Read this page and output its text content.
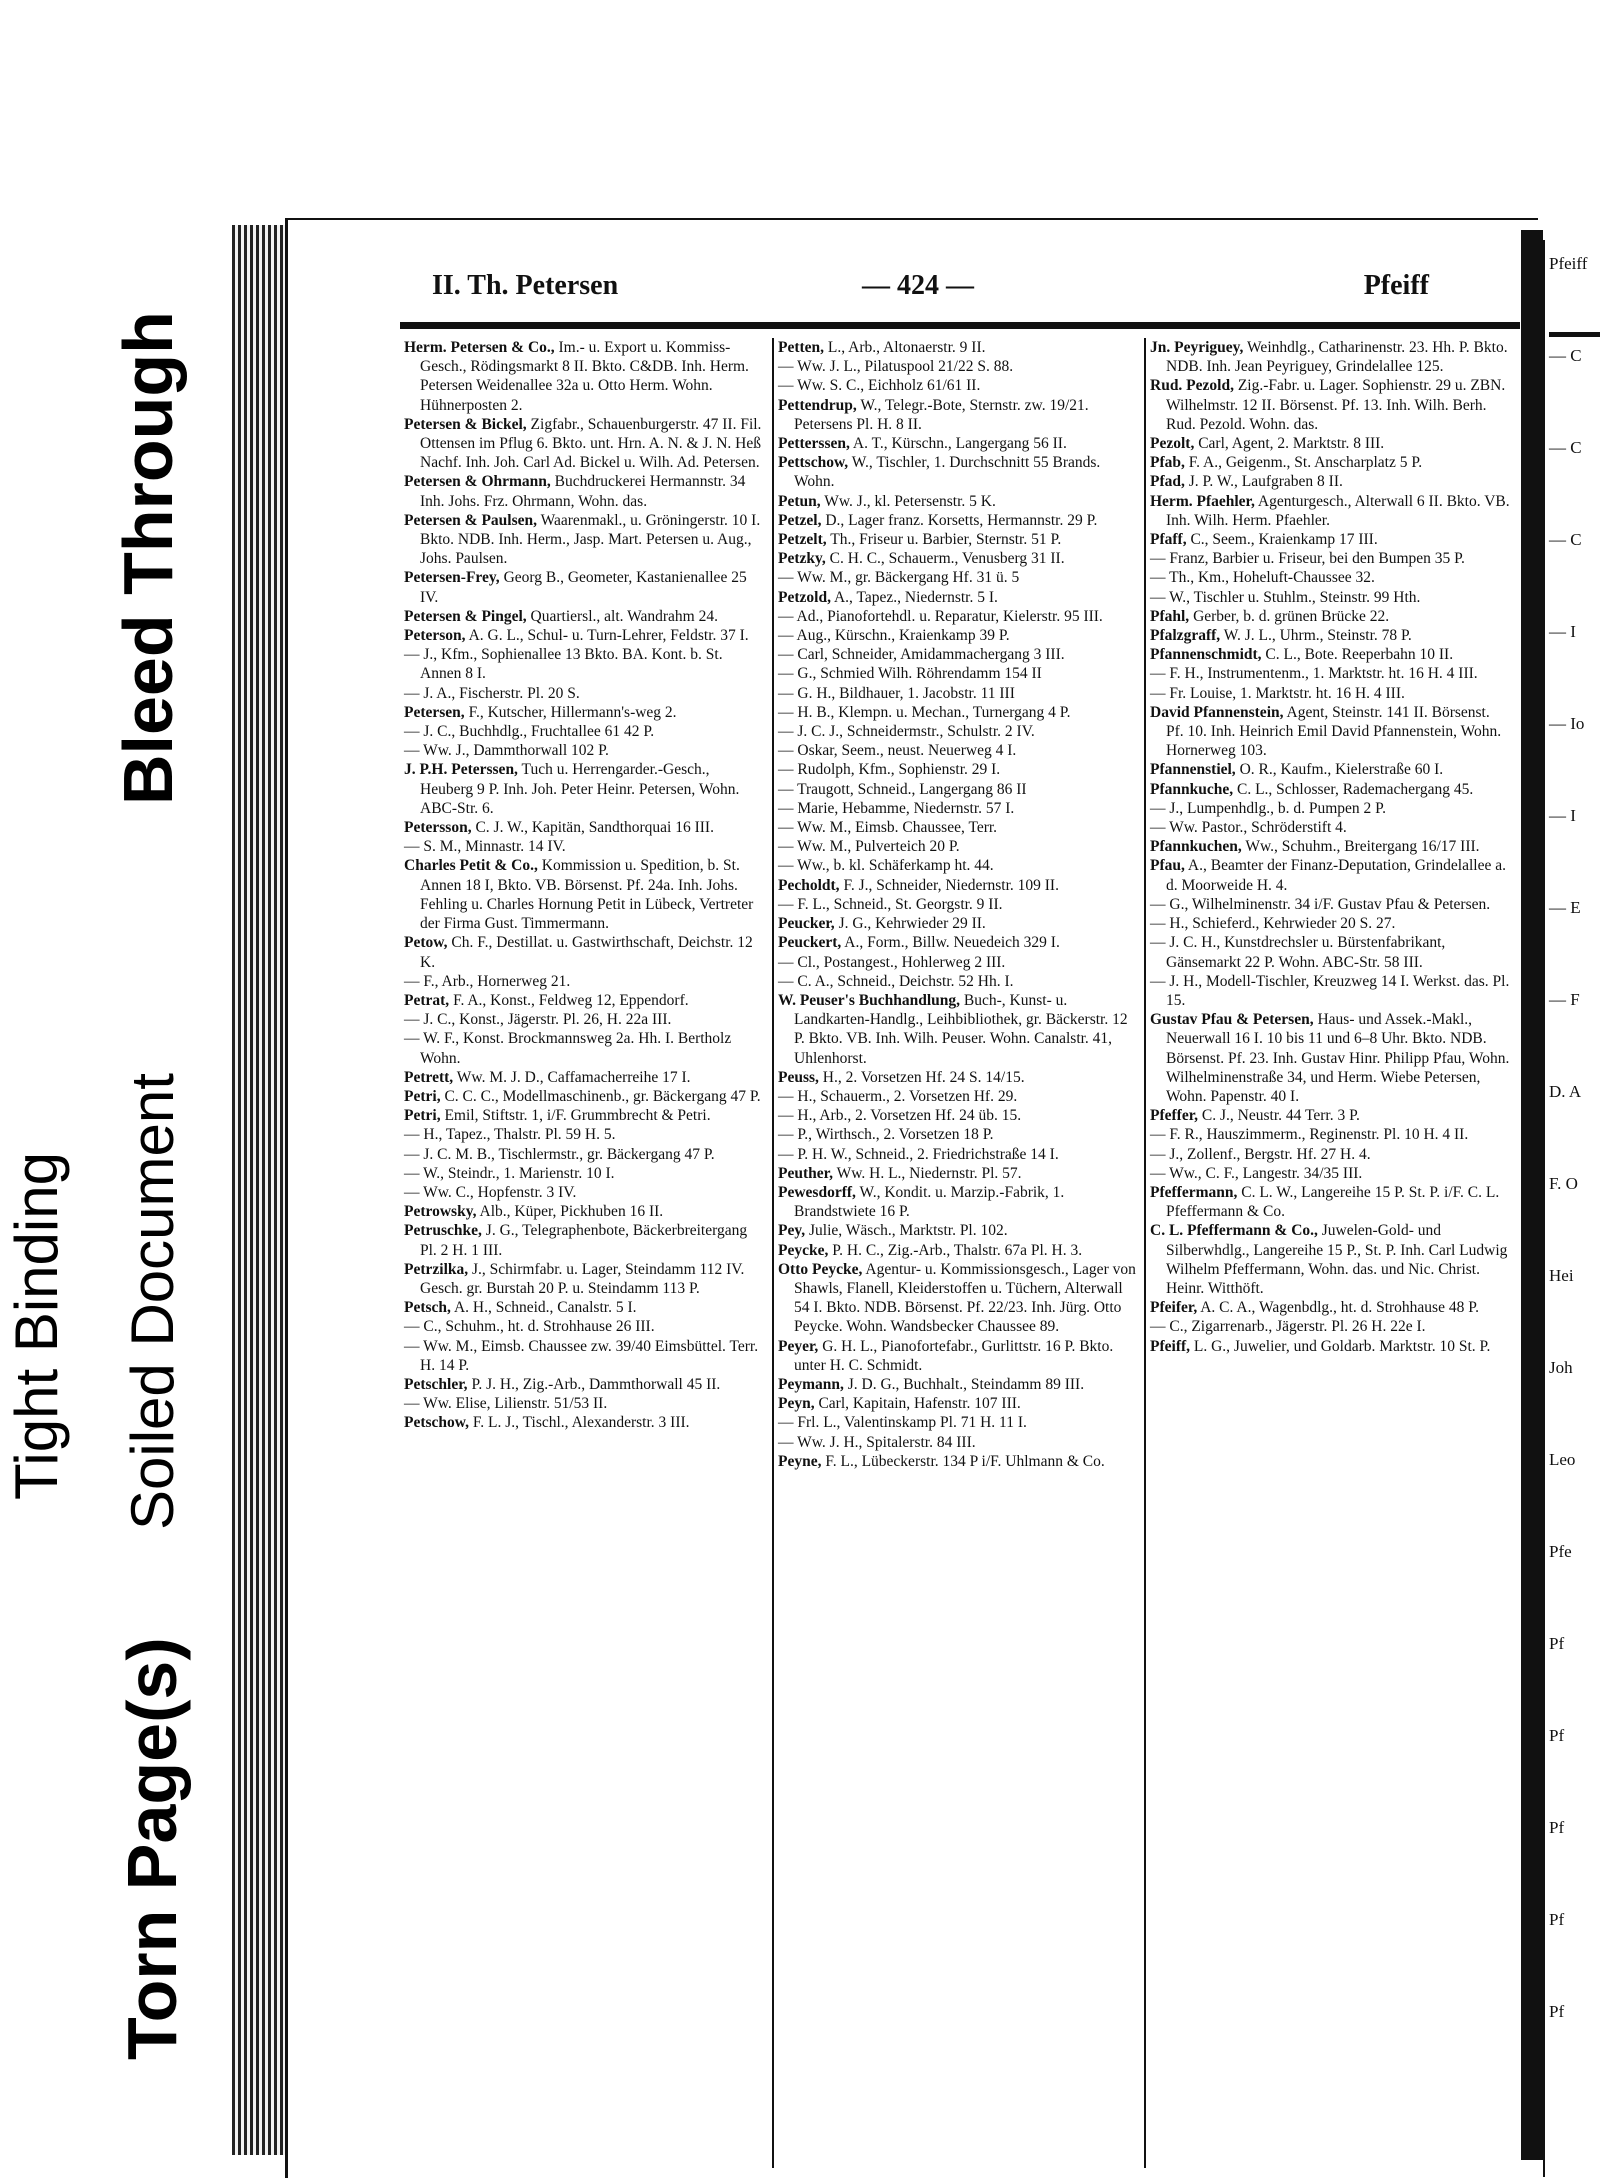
Tight Binding Soiled Document
Torn Page(s)
Bleed Through
II. Th. Petersen	— 424 —	Pfeiff

Herm. Petersen & Co., Im.- u. Export u. Kommiss-Gesch., Rödingsmarkt 8 II. Bkto. C&DB. Inh. Herm. Petersen Weidenallee 32a u. Otto Herm. Wohn. Hühnerposten 2.

Petersen & Bickel, Zigfabr., Schauenburgerstr. 47 II. Fil. Ottensen im Pflug 6. Bkto. unt. Hrn. A. N. & J. N. Heß Nachf. Inh. Joh. Carl Ad. Bickel u. Wilh. Ad. Petersen.

Petersen & Ohrmann, Buchdruckerei Hermannstr. 34 Inh. Johs. Frz. Ohrmann, Wohn. das.

Petersen & Paulsen, Waarenmakl., u. Gröningerstr. 10 I. Bkto. NDB. Inh. Herm., Jasp. Mart. Petersen u. Aug., Johs. Paulsen.

Petersen-Frey, Georg B., Geometer, Kastanienallee 25 IV.

Petersen & Pingel, Quartiersl., alt. Wandrahm 24.

Peterson, A. G. L., Schul- u. Turn-Lehrer, Feldstr. 37 I.

— J., Kfm., Sophienallee 13 Bkto. BA. Kont. b. St. Annen 8 I.

— J. A., Fischerstr. Pl. 20 S.

Petersen, F., Kutscher, Hillermann's-weg 2.

— J. C., Buchhdlg., Fruchtallee 61 42 P.

— Ww. J., Dammthorwall 102 P.

J. P.H. Peterssen, Tuch u. Herrengarder.-Gesch., Heuberg 9 P. Inh. Joh. Peter Heinr. Petersen, Wohn. ABC-Str. 6.

Petersson, C. J. W., Kapitän, Sandthorquai 16 III.

— S. M., Minnastr. 14 IV.

Charles Petit & Co., Kommission u. Spedition, b. St. Annen 18 I, Bkto. VB. Börsenst. Pf. 24a. Inh. Johs. Fehling u. Charles Hornung Petit in Lübeck, Vertreter der Firma Gust. Timmermann.

Petow, Ch. F., Destillat. u. Gastwirthschaft, Deichstr. 12 K.

— F., Arb., Hornerweg 21.

Petrat, F. A., Konst., Feldweg 12, Eppendorf.

— J. C., Konst., Jägerstr. Pl. 26, H. 22a III.

— W. F., Konst. Brockmannsweg 2a. Hh. I. Bertholz Wohn.

Petrett, Ww. M. J. D., Caffamacherreihe 17 I.

Petri, C. C. C., Modellmaschinenb., gr. Bäckergang 47 P.

Petri, Emil, Stiftstr. 1, i/F. Grummbrecht & Petri.

— H., Tapez., Thalstr. Pl. 59 H. 5.

— J. C. M. B., Tischlermstr., gr. Bäckergang 47 P.

— W., Steindr., 1. Marienstr. 10 I.

— Ww. C., Hopfenstr. 3 IV.

Petrowsky, Alb., Küper, Pickhuben 16 II.

Petruschke, J. G., Telegraphenbote, Bäckerbreitergang Pl. 2 H. 1 III.

Petrzilka, J., Schirmfabr. u. Lager, Steindamm 112 IV. Gesch. gr. Burstah 20 P. u. Steindamm 113 P.

Petsch, A. H., Schneid., Canalstr. 5 I.

— C., Schuhm., ht. d. Strohhause 26 III.

— Ww. M., Eimsb. Chaussee zw. 39/40 Eimsbüttel. Terr. H. 14 P.

Petschler, P. J. H., Zig.-Arb., Dammthorwall 45 II.

— Ww. Elise, Lilienstr. 51/53 II.

Petschow, F. L. J., Tischl., Alexanderstr. 3 III.

Petten, L., Arb., Altonaerstr. 9 II.

— Ww. J. L., Pilatuspool 21/22 S. 88.

— Ww. S. C., Eichholz 61/61 II.

Pettendrup, W., Telegr.-Bote, Sternstr. zw. 19/21. Petersens Pl. H. 8 II.

Petterssen, A. T., Kürschn., Langergang 56 II.

Pettschow, W., Tischler, 1. Durchschnitt 55 Brands. Wohn.

Petun, Ww. J., kl. Petersenstr. 5 K.

Petzel, D., Lager franz. Korsetts, Hermannstr. 29 P.

Petzelt, Th., Friseur u. Barbier, Sternstr. 51 P.

Petzky, C. H. C., Schauerm., Venusberg 31 II.

— Ww. M., gr. Bäckergang Hf. 31 ü. 5

Petzold, A., Tapez., Niedernstr. 5 I.

— Ad., Pianofortehdl. u. Reparatur, Kielerstr. 95 III.

— Aug., Kürschn., Kraienkamp 39 P.

— Carl, Schneider, Amidammachergang 3 III.

— G., Schmied Wilh. Röhrendamm 154 II

— G. H., Bildhauer, 1. Jacobstr. 11 III

— H. B., Klempn. u. Mechan., Turnergang 4 P.

— J. C. J., Schneidermstr., Schulstr. 2 IV.

— Oskar, Seem., neust. Neuerweg 4 I.

— Rudolph, Kfm., Sophienstr. 29 I.

— Traugott, Schneid., Langergang 86 II

— Marie, Hebamme, Niedernstr. 57 I.

— Ww. M., Eimsb. Chaussee, Terr.

— Ww. M., Pulverteich 20 P.

— Ww., b. kl. Schäferkamp ht. 44.

Pecholdt, F. J., Schneider, Niedernstr. 109 II.

— F. L., Schneid., St. Georgstr. 9 II.

Peucker, J. G., Kehrwieder 29 II.

Peuckert, A., Form., Billw. Neuedeich 329 I.

— Cl., Postangest., Hohlerweg 2 III.

— C. A., Schneid., Deichstr. 52 Hh. I.

W. Peuser's Buchhandlung, Buch-, Kunst- u. Landkarten-Handlg., Leihbibliothek, gr. Bäckerstr. 12 P. Bkto. VB. Inh. Wilh. Peuser. Wohn. Canalstr. 41, Uhlenhorst.

Peuss, H., 2. Vorsetzen Hf. 24 S. 14/15.

— H., Schauerm., 2. Vorsetzen Hf. 29.

— H., Arb., 2. Vorsetzen Hf. 24 üb. 15.

— P., Wirthsch., 2. Vorsetzen 18 P.

— P. H. W., Schneid., 2. Friedrichstraße 14 I.

Peuther, Ww. H. L., Niedernstr. Pl. 57.

Pewesdorff, W., Kondit. u. Marzip.-Fabrik, 1. Brandstwiete 16 P.

Pey, Julie, Wäsch., Marktstr. Pl. 102.

Peycke, P. H. C., Zig.-Arb., Thalstr. 67a Pl. H. 3.

Otto Peycke, Agentur- u. Kommissionsgesch., Lager von Shawls, Flanell, Kleiderstoffen u. Tüchern, Alterwall 54 I. Bkto. NDB. Börsenst. Pf. 22/23. Inh. Jürg. Otto Peycke. Wohn. Wandsbecker Chaussee 89.

Peyer, G. H. L., Pianofortefabr., Gurlittstr. 16 P. Bkto. unter H. C. Schmidt.

Peymann, J. D. G., Buchhalt., Steindamm 89 III.

Peyn, Carl, Kapitain, Hafenstr. 107 III.

— Frl. L., Valentinskamp Pl. 71 H. 11 I.

— Ww. J. H., Spitalerstr. 84 III.

Peyne, F. L., Lübeckerstr. 134 P i/F. Uhlmann & Co.

Jn. Peyriguey, Weinhdlg., Catharinenstr. 23. Hh. P. Bkto. NDB. Inh. Jean Peyriguey, Grindelallee 125.

Rud. Pezold, Zig.-Fabr. u. Lager. Sophienstr. 29 u. ZBN. Wilhelmstr. 12 II. Börsenst. Pf. 13. Inh. Wilh. Berh. Rud. Pezold. Wohn. das.

Pezolt, Carl, Agent, 2. Marktstr. 8 III.

Pfab, F. A., Geigenm., St. Anscharplatz 5 P.

Pfad, J. P. W., Laufgraben 8 II.

Herm. Pfaehler, Agenturgesch., Alterwall 6 II. Bkto. VB. Inh. Wilh. Herm. Pfaehler.

Pfaff, C., Seem., Kraienkamp 17 III.

— Franz, Barbier u. Friseur, bei den Bumpen 35 P.

— Th., Km., Hoheluft-Chaussee 32.

— W., Tischler u. Stuhlm., Steinstr. 99 Hth.

Pfahl, Gerber, b. d. grünen Brücke 22.

Pfalzgraff, W. J. L., Uhrm., Steinstr. 78 P.

Pfannenschmidt, C. L., Bote. Reeperbahn 10 II.

— F. H., Instrumentenm., 1. Marktstr. ht. 16 H. 4 III.

— Fr. Louise, 1. Marktstr. ht. 16 H. 4 III.

David Pfannenstein, Agent, Steinstr. 141 II. Börsenst. Pf. 10. Inh. Heinrich Emil David Pfannenstein, Wohn. Hornerweg 103.

Pfannenstiel, O. R., Kaufm., Kielerstraße 60 I.

Pfannkuche, C. L., Schlosser, Rademachergang 45.

— J., Lumpenhdlg., b. d. Pumpen 2 P.

— Ww. Pastor., Schröderstift 4.

Pfannkuchen, Ww., Schuhm., Breitergang 16/17 III.

Pfau, A., Beamter der Finanz-Deputation, Grindelallee a. d. Moorweide H. 4.

— G., Wilhelminenstr. 34 i/F. Gustav Pfau & Petersen.

— H., Schieferd., Kehrwieder 20 S. 27.

— J. C. H., Kunstdrechsler u. Bürstenfabrikant, Gänsemarkt 22 P. Wohn. ABC-Str. 58 III.

— J. H., Modell-Tischler, Kreuzweg 14 I. Werkst. das. Pl. 15.

Gustav Pfau & Petersen, Haus- und Assek.-Makl., Neuerwall 16 I. 10 bis 11 und 6–8 Uhr. Bkto. NDB. Börsenst. Pf. 23. Inh. Gustav Hinr. Philipp Pfau, Wohn. Wilhelminenstraße 34, und Herm. Wiebe Petersen, Wohn. Papenstr. 40 I.

Pfeffer, C. J., Neustr. 44 Terr. 3 P.

— F. R., Hauszimmerm., Reginenstr. Pl. 10 H. 4 II.

— J., Zollenf., Bergstr. Hf. 27 H. 4.

— Ww., C. F., Langestr. 34/35 III.

Pfeffermann, C. L. W., Langereihe 15 P. St. P. i/F. C. L. Pfeffermann & Co.

C. L. Pfeffermann & Co., Juwelen-Gold- und Silberwhdlg., Langereihe 15 P., St. P. Inh. Carl Ludwig Wilhelm Pfeffermann, Wohn. das. und Nic. Christ. Heinr. Witthöft.

Pfeifer, A. C. A., Wagenbdlg., ht. d. Strohhause 48 P.

— C., Zigarrenarb., Jägerstr. Pl. 26 H. 22e I.

Pfeiff, L. G., Juwelier, und Goldarb. Marktstr. 10 St. P.

Pfeiff
— C
— C
— C
— I
— Io
— I
— E
— F
D. A
F. O
Hei
Joh
Leo
Pfe
Pf
Pf
Pf
Pf
Pf
